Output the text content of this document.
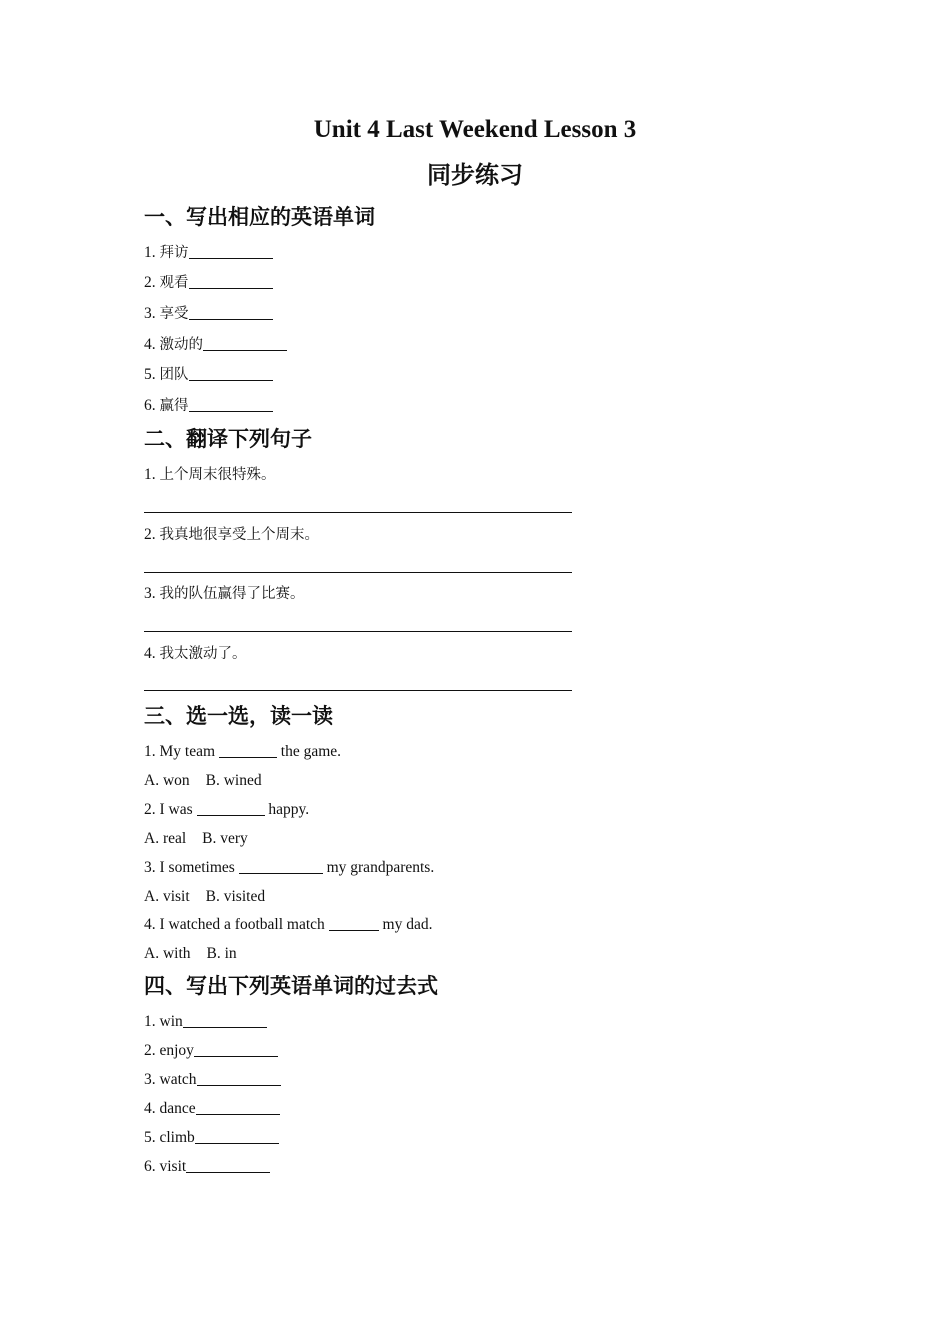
Unit 4 Last Weekend Lesson 3
同步练习
一、写出相应的英语单词
1. 拜访
2. 观看
3. 享受
4. 激动的
5. 团队
6. 赢得
二、翻译下列句子
1. 上个周末很特殊。
2. 我真地很享受上个周末。
3. 我的队伍赢得了比赛。
4. 我太激动了。
三、选一选，读一读
1. My team	the game.
A. won B. wined
2. I was	happy.
A. real B. very
3. I sometimes	my grandparents.
A. visit B. visited
4. I watched a football match	my dad.
A. with B. in
四、写出下列英语单词的过去式
1. win
2. enjoy
3. watch
4. dance
5. climb
6. visit
